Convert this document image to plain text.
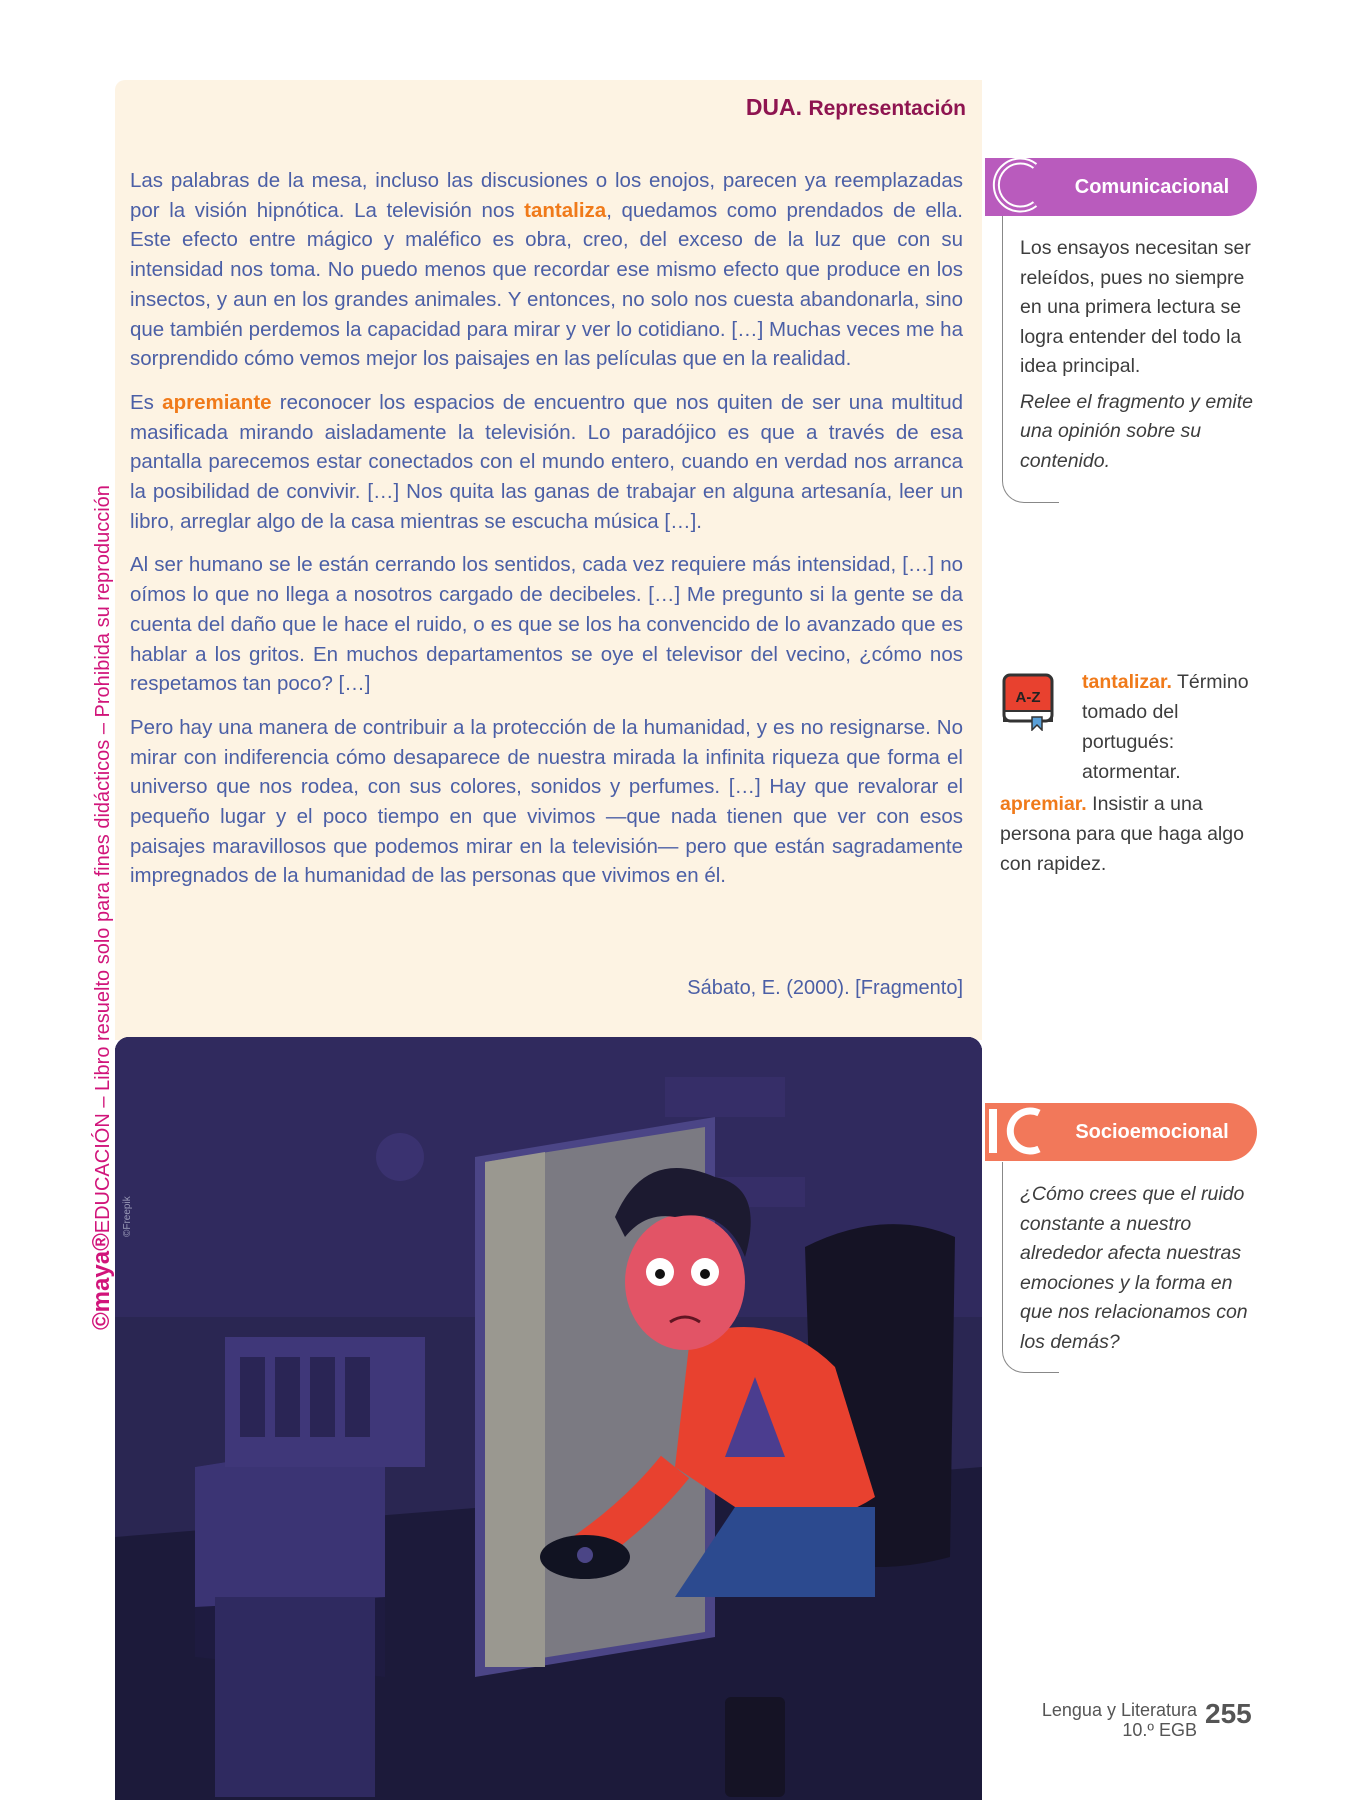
©maya®EDUCACIÓN – Libro resuelto solo para fines didácticos – Prohibida su reproducción
DUA. Representación

Las palabras de la mesa, incluso las discusiones o los enojos, parecen ya reemplazadas por la visión hipnótica. La televisión nos tantaliza, quedamos como prendados de ella. Este efecto entre mágico y maléfico es obra, creo, del exceso de la luz que con su intensidad nos toma. No puedo menos que recordar ese mismo efecto que produce en los insectos, y aun en los grandes animales. Y entonces, no solo nos cuesta abandonarla, sino que también perdemos la capacidad para mirar y ver lo cotidiano. […] Muchas veces me ha sorprendido cómo vemos mejor los paisajes en las películas que en la realidad.

Es apremiante reconocer los espacios de encuentro que nos quiten de ser una multitud masificada mirando aisladamente la televisión. Lo paradójico es que a través de esa pantalla parecemos estar conectados con el mundo entero, cuando en verdad nos arranca la posibilidad de convivir. […] Nos quita las ganas de trabajar en alguna artesanía, leer un libro, arreglar algo de la casa mientras se escucha música […].

Al ser humano se le están cerrando los sentidos, cada vez requiere más intensidad, […] no oímos lo que no llega a nosotros cargado de decibeles. […] Me pregunto si la gente se da cuenta del daño que le hace el ruido, o es que se los ha convencido de lo avanzado que es hablar a los gritos. En muchos departamentos se oye el televisor del vecino, ¿cómo nos respetamos tan poco? […]

Pero hay una manera de contribuir a la protección de la humanidad, y es no resignarse. No mirar con indiferencia cómo desaparece de nuestra mirada la infinita riqueza que forma el universo que nos rodea, con sus colores, sonidos y perfumes. […] Hay que revalorar el pequeño lugar y el poco tiempo en que vivimos —que nada tienen que ver con esos paisajes maravillosos que podemos mirar en la televisión— pero que están sagradamente impregnados de la humanidad de las personas que vivimos en él.

Sábato, E. (2000). [Fragmento]
©Freepik
Comunicacional
Los ensayos necesitan ser releídos, pues no siempre en una primera lectura se logra entender del todo la idea principal.
Relee el fragmento y emite una opinión sobre su contenido.
A-Z
tantalizar. Término tomado del portugués: atormentar.
apremiar. Insistir a una persona para que haga algo con rapidez.
Socioemocional
¿Cómo crees que el ruido constante a nuestro alrededor afecta nuestras emociones y la forma en que nos relacionamos con los demás?
Lengua y Literatura
10.º EGB
255
